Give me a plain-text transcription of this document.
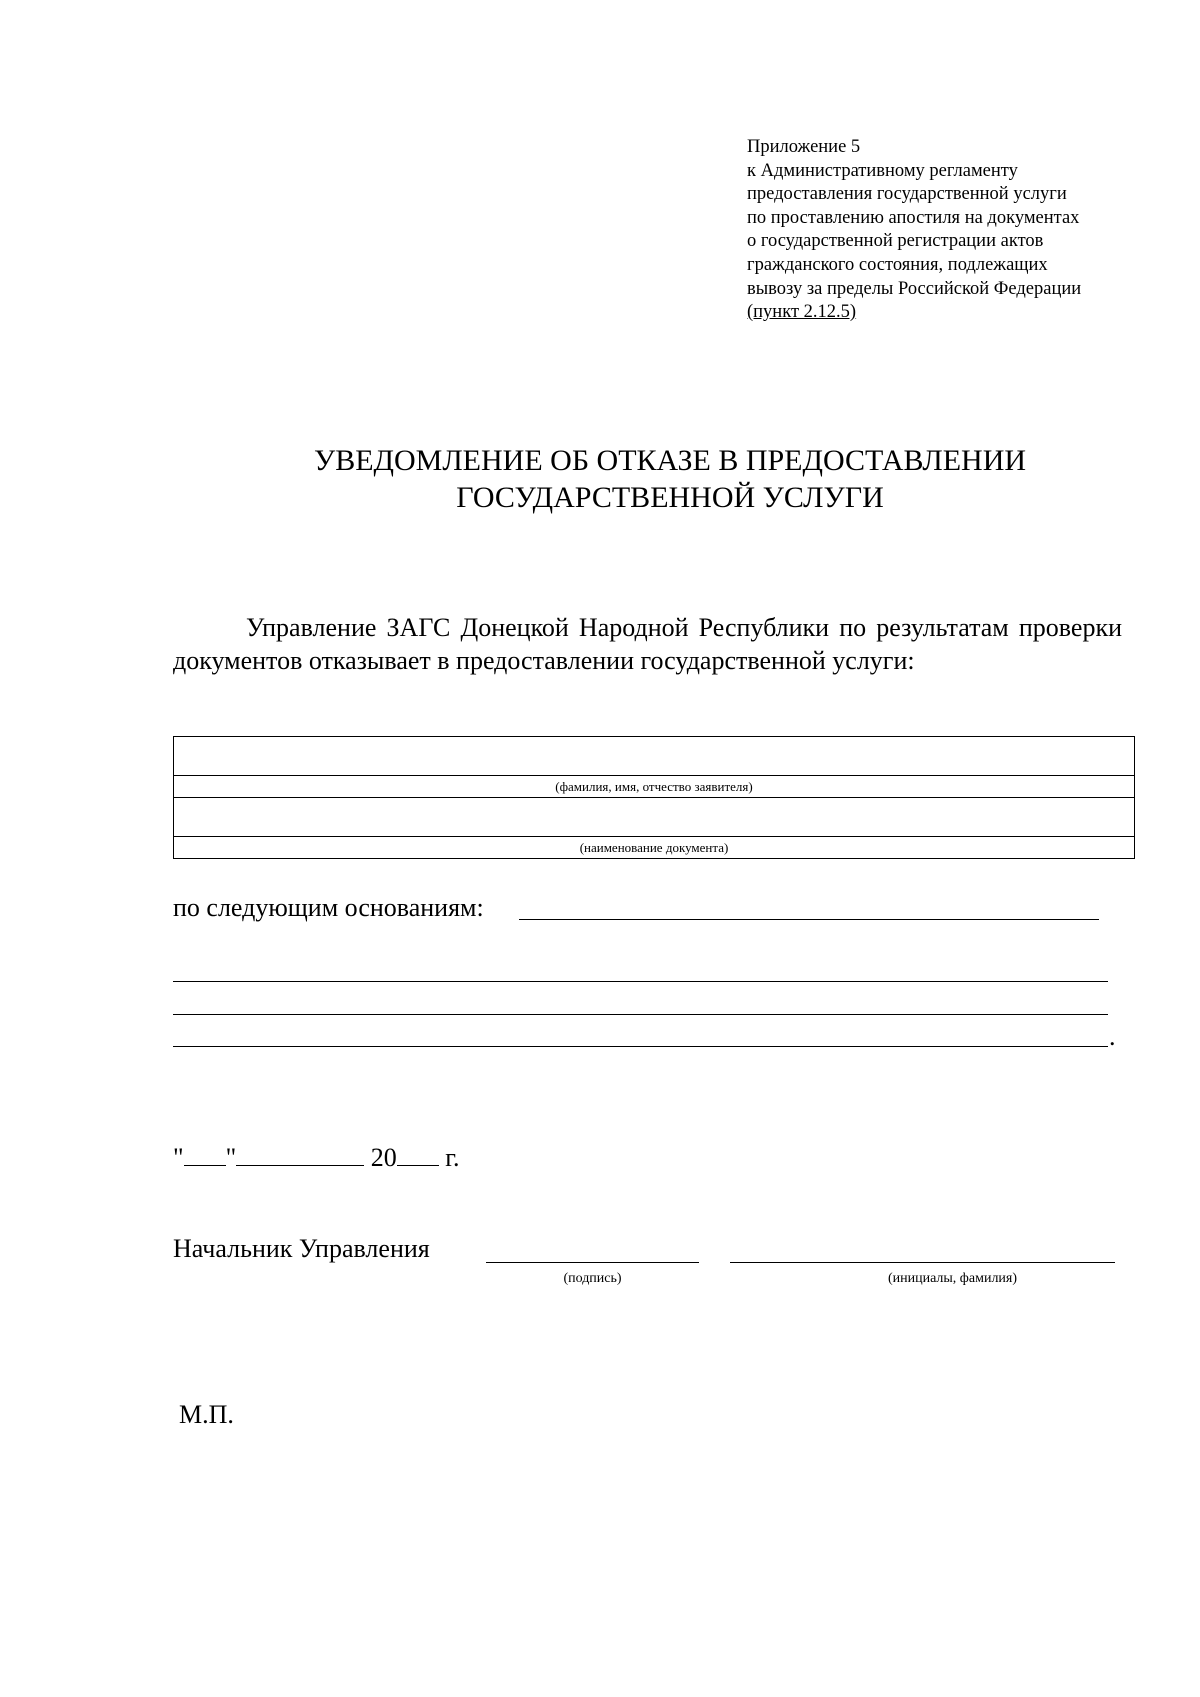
Приложение 5
к Административному регламенту
предоставления государственной услуги
по проставлению апостиля на документах
о государственной регистрации актов
гражданского состояния, подлежащих
вывозу за пределы Российской Федерации
(пункт 2.12.5)
УВЕДОМЛЕНИЕ ОБ ОТКАЗЕ В ПРЕДОСТАВЛЕНИИ
ГОСУДАРСТВЕННОЙ УСЛУГИ
Управление ЗАГС Донецкой Народной Республики по результатам проверки документов отказывает в предоставлении государственной услуги:
(фамилия, имя, отчество заявителя)
(наименование документа)
по следующим основаниям:
.
" "	20 г.
Начальник Управления
(подпись)	(инициалы, фамилия)
М.П.
